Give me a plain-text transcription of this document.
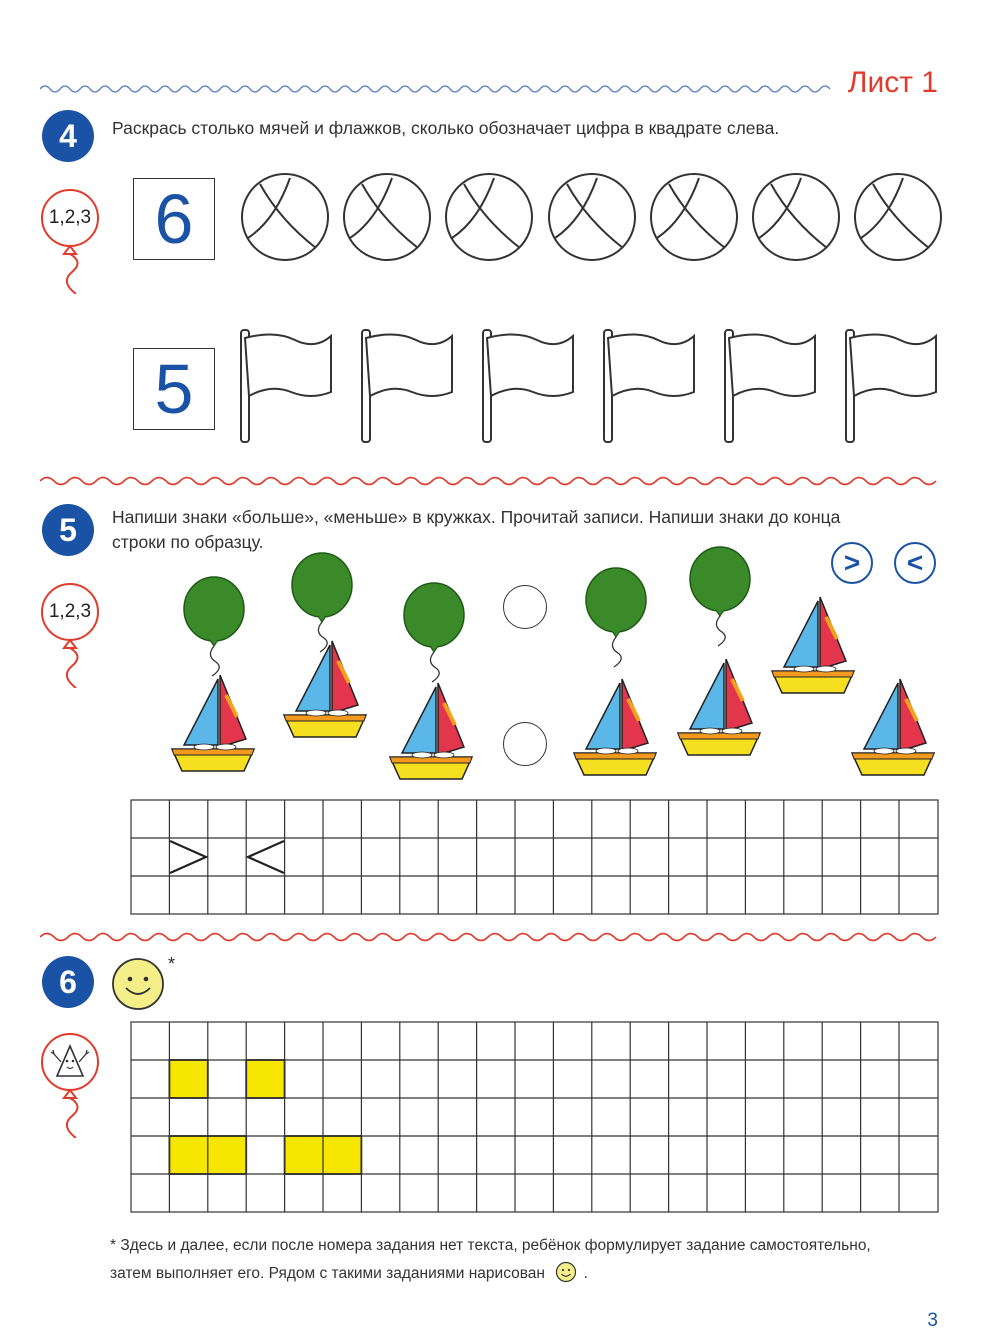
Лист 1
4	Раскрась столько мячей и флажков, сколько обозначает цифра в квадрате слева.
1,2,3 6
5
5	Напиши знаки «больше», «меньше» в кружках. Прочитай записи. Напиши знаки до конца
строки по образцу.
1,2,3
>	<
6	*
* Здесь и далее, если после номера задания нет текста, ребёнок формулирует задание самостоятельно,
затем выполняет его. Рядом с такими заданиями нарисован .
3
